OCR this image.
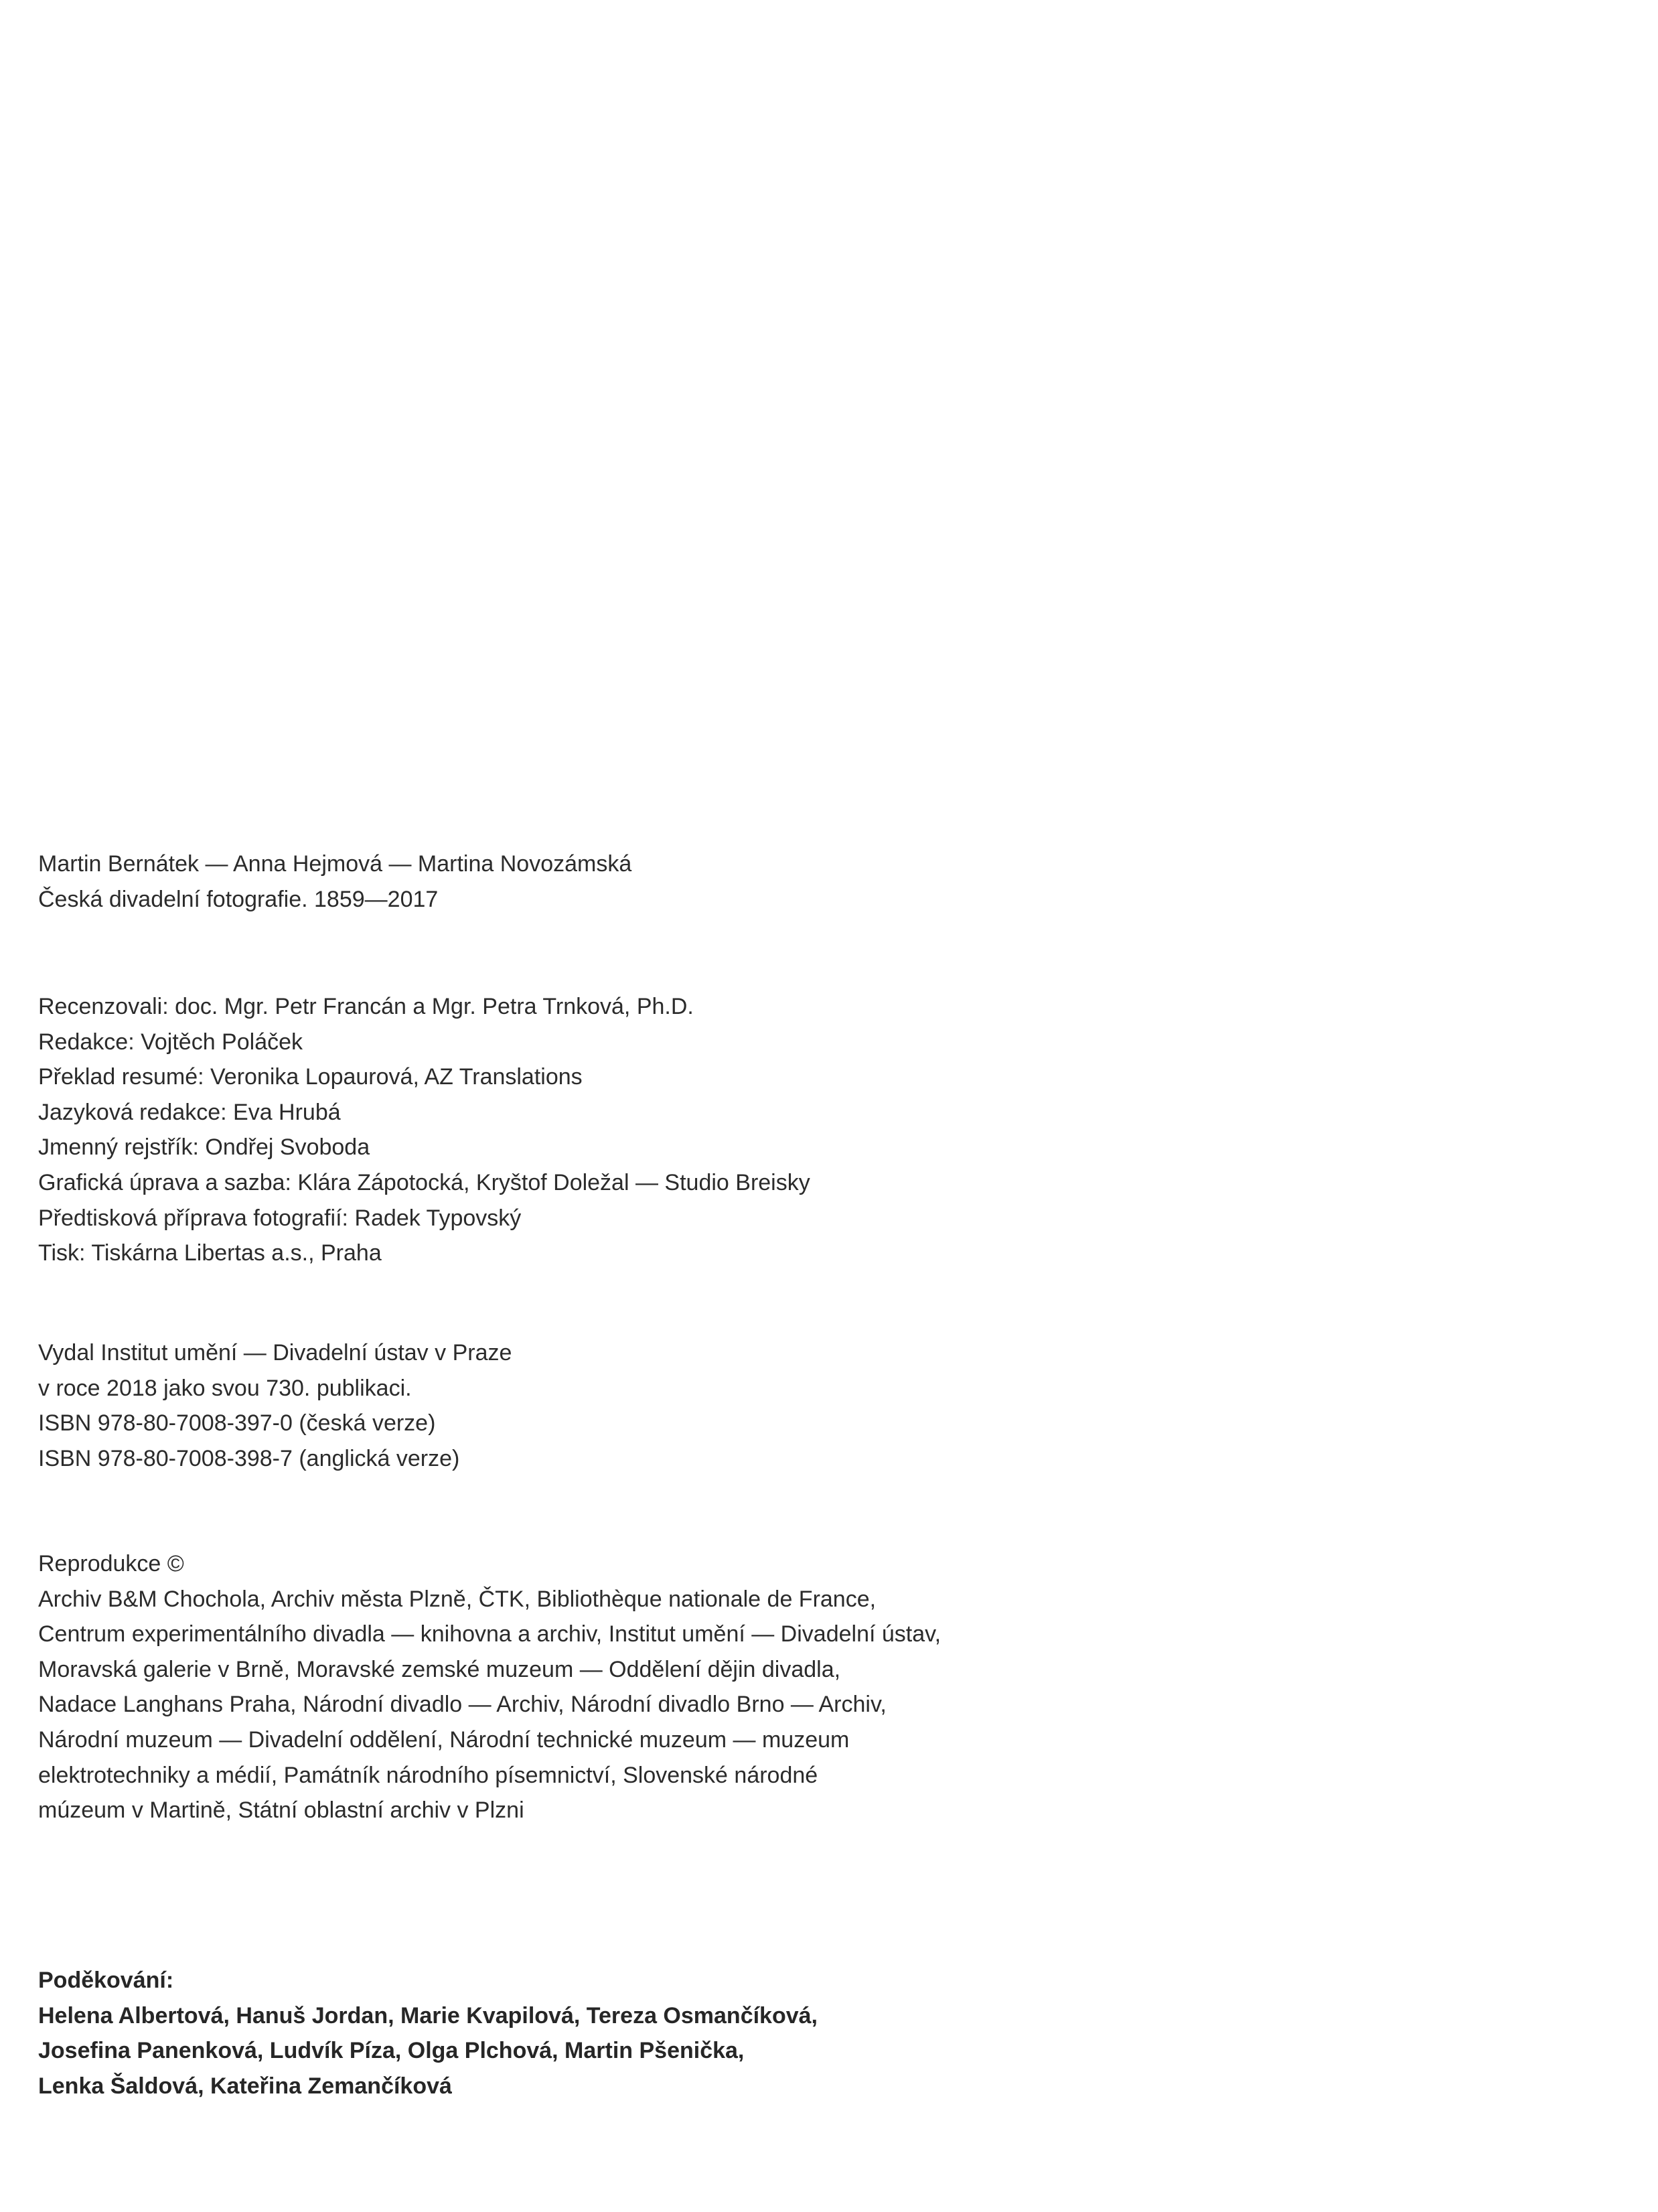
Martin Bernátek — Anna Hejmová — Martina Novozámská
Česká divadelní fotografie. 1859—2017
Recenzovali: doc. Mgr. Petr Francán a Mgr. Petra Trnková, Ph.D.
Redakce: Vojtěch Poláček
Překlad resumé: Veronika Lopaurová, AZ Translations
Jazyková redakce: Eva Hrubá
Jmenný rejstřík: Ondřej Svoboda
Grafická úprava a sazba: Klára Zápotocká, Kryštof Doležal — Studio Breisky
Předtisková příprava fotografií: Radek Typovský
Tisk: Tiskárna Libertas a.s., Praha
Vydal Institut umění — Divadelní ústav v Praze
v roce 2018 jako svou 730. publikaci.
ISBN 978-80-7008-397-0 (česká verze)
ISBN 978-80-7008-398-7 (anglická verze)
Reprodukce ©
Archiv B&M Chochola, Archiv města Plzně, ČTK, Bibliothèque nationale de France,
Centrum experimentálního divadla — knihovna a archiv, Institut umění — Divadelní ústav,
Moravská galerie v Brně, Moravské zemské muzeum — Oddělení dějin divadla,
Nadace Langhans Praha, Národní divadlo — Archiv, Národní divadlo Brno — Archiv,
Národní muzeum — Divadelní oddělení, Národní technické muzeum — muzeum
elektrotechniky a médií, Památník národního písemnictví, Slovenské národné
múzeum v Martině, Státní oblastní archiv v Plzni
Poděkování:
Helena Albertová, Hanuš Jordan, Marie Kvapilová, Tereza Osmančíková,
Josefina Panenková, Ludvík Píza, Olga Plchová, Martin Pšenička,
Lenka Šaldová, Kateřina Zemančíková
